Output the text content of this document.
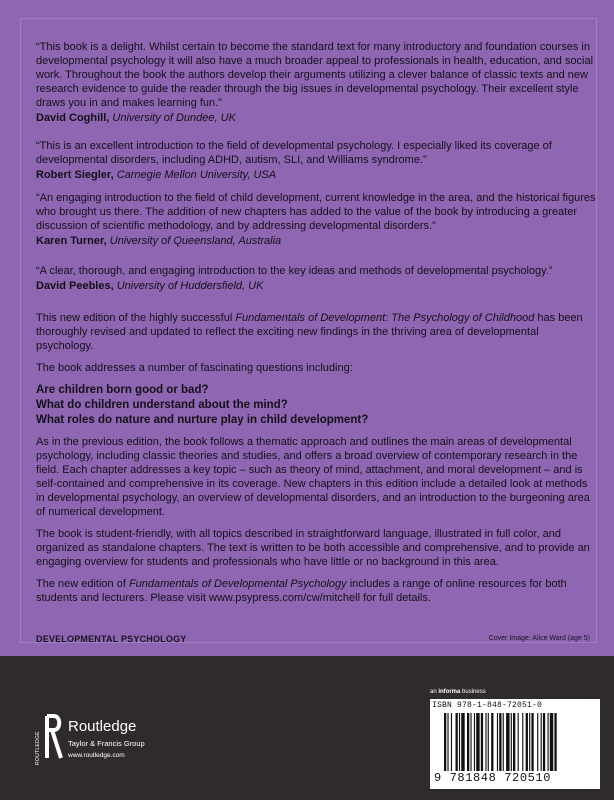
“This book is a delight. Whilst certain to become the standard text for many introductory and foundation courses in developmental psychology it will also have a much broader appeal to professionals in health, education, and social work. Throughout the book the authors develop their arguments utilizing a clever balance of classic texts and new research evidence to guide the reader through the big issues in developmental psychology. Their excellent style draws you in and makes learning fun.”
David Coghill, University of Dundee, UK
“This is an excellent introduction to the field of developmental psychology. I especially liked its coverage of developmental disorders, including ADHD, autism, SLI, and Williams syndrome.”
Robert Siegler, Carnegie Mellon University, USA
“An engaging introduction to the field of child development, current knowledge in the area, and the historical figures who brought us there. The addition of new chapters has added to the value of the book by introducing a greater discussion of scientific methodology, and by addressing developmental disorders.”
Karen Turner, University of Queensland, Australia
“A clear, thorough, and engaging introduction to the key ideas and methods of developmental psychology.”
David Peebles, University of Huddersfield, UK

This new edition of the highly successful Fundamentals of Development: The Psychology of Childhood has been thoroughly revised and updated to reflect the exciting new findings in the thriving area of developmental psychology.

The book addresses a number of fascinating questions including:

Are children born good or bad?
What do children understand about the mind?
What roles do nature and nurture play in child development?

As in the previous edition, the book follows a thematic approach and outlines the main areas of developmental psychology, including classic theories and studies, and offers a broad overview of contemporary research in the field. Each chapter addresses a key topic – such as theory of mind, attachment, and moral development – and is self-contained and comprehensive in its coverage. New chapters in this edition include a detailed look at methods in developmental psychology, an overview of developmental disorders, and an introduction to the burgeoning area of numerical development.

The book is student-friendly, with all topics described in straightforward language, illustrated in full color, and organized as standalone chapters. The text is written to be both accessible and comprehensive, and to provide an engaging overview for students and professionals who have little or no background in this area.

The new edition of Fundamentals of Developmental Psychology includes a range of online resources for both students and lecturers. Please visit www.psypress.com/cw/mitchell for full details.

DEVELOPMENTAL PSYCHOLOGY	Cover Image: Alice Ward (age 5)
ROUTLEDGE
Routledge
Taylor & Francis Group
www.routledge.com
an informa business
ISBN 978-1-848-72051-0
9 781848 720510
